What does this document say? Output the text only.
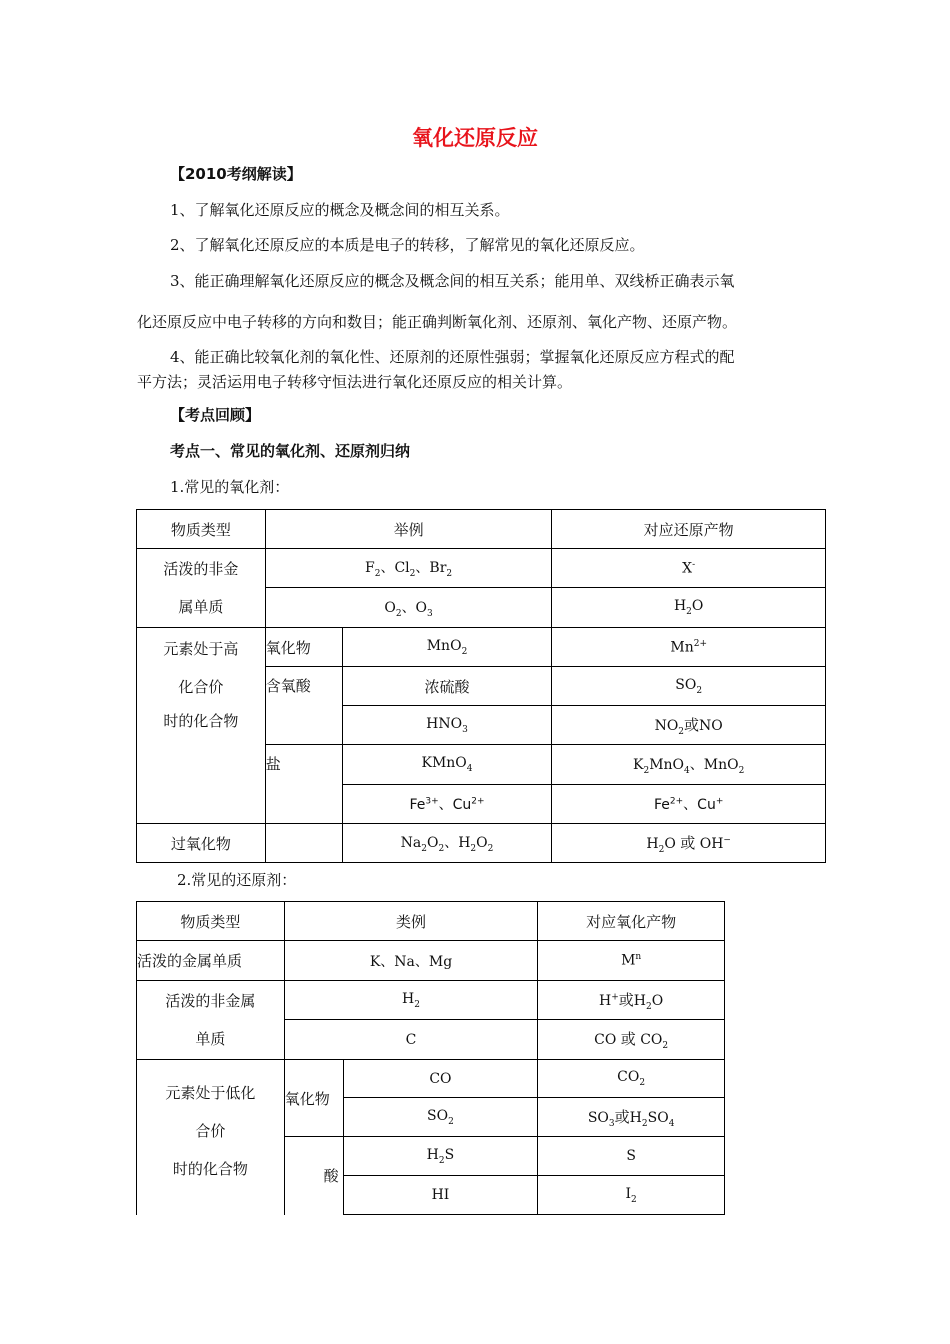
氧化还原反应
【2010考纲解读】
1、了解氧化还原反应的概念及概念间的相互关系。
2、了解氧化还原反应的本质是电子的转移，了解常见的氧化还原反应。
3、能正确理解氧化还原反应的概念及概念间的相互关系；能用单、双线桥正确表示氧
化还原反应中电子转移的方向和数目；能正确判断氧化剂、还原剂、氧化产物、还原产物。
4、能正确比较氧化剂的氧化性、还原剂的还原性强弱；掌握氧化还原反应方程式的配
平方法；灵活运用电子转移守恒法进行氧化还原反应的相关计算。
【考点回顾】
考点一、常见的氧化剂、还原剂归纳
1.常见的氧化剂：
物质类型	举例		对应还原产物

活泼的非金
属单质	$F_2$、$Cl_2$、$Br_2$		X-
	$O_2$、$O_3$		$H_2O$

元素处于高
化合价
时的化合物	氧化物	MnO$_2$	$Mn^{2+}$
	含氧酸	浓硫酸	$SO_2$
		$HNO_3$	$NO_2$或NO
	盐	KMnO$_4$	$K_2MnO_4$、MnO$_2$
		$Fe^{3+}$、$Cu^{2+}$	$Fe^{2+}$、Cu+
过氧化物		$Na_2O_2$、$H_2O_2$	$H_2O$ 或 OH−
2.常见的还原剂：
物质类型	类例		对应氧化产物
活泼的金属单质	K、Na、Mg		$M^n$

活泼的非金属
单质	$H_2$		H+或$H_2O$
	C		CO 或 $CO_2$

元素处于低化
合价
时的化合物	氧化物	CO	$CO_2$
		$SO_2$	$SO_3$或$H_2SO_4$
	酸	$H_2S$	S
		HI	$I_2$
